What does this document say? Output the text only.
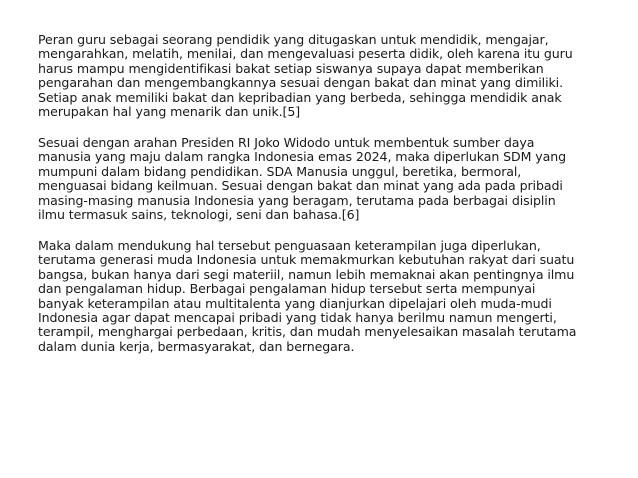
Peran guru sebagai seorang pendidik yang ditugaskan untuk mendidik, mengajar,
mengarahkan, melatih, menilai, dan mengevaluasi peserta didik, oleh karena itu guru
harus mampu mengidentifikasi bakat setiap siswanya supaya dapat memberikan
pengarahan dan mengembangkannya sesuai dengan bakat dan minat yang dimiliki.
Setiap anak memiliki bakat dan kepribadian yang berbeda, sehingga mendidik anak
merupakan hal yang menarik dan unik.[5]

Sesuai dengan arahan Presiden RI Joko Widodo untuk membentuk sumber daya
manusia yang maju dalam rangka Indonesia emas 2024, maka diperlukan SDM yang
mumpuni dalam bidang pendidikan. SDA Manusia unggul, beretika, bermoral,
menguasai bidang keilmuan. Sesuai dengan bakat dan minat yang ada pada pribadi
masing-masing manusia Indonesia yang beragam, terutama pada berbagai disiplin
ilmu termasuk sains, teknologi, seni dan bahasa.[6]

Maka dalam mendukung hal tersebut penguasaan keterampilan juga diperlukan,
terutama generasi muda Indonesia untuk memakmurkan kebutuhan rakyat dari suatu
bangsa, bukan hanya dari segi materiil, namun lebih memaknai akan pentingnya ilmu
dan pengalaman hidup. Berbagai pengalaman hidup tersebut serta mempunyai
banyak keterampilan atau multitalenta yang dianjurkan dipelajari oleh muda-mudi
Indonesia agar dapat mencapai pribadi yang tidak hanya berilmu namun mengerti,
terampil, menghargai perbedaan, kritis, dan mudah menyelesaikan masalah terutama
dalam dunia kerja, bermasyarakat, dan bernegara.
